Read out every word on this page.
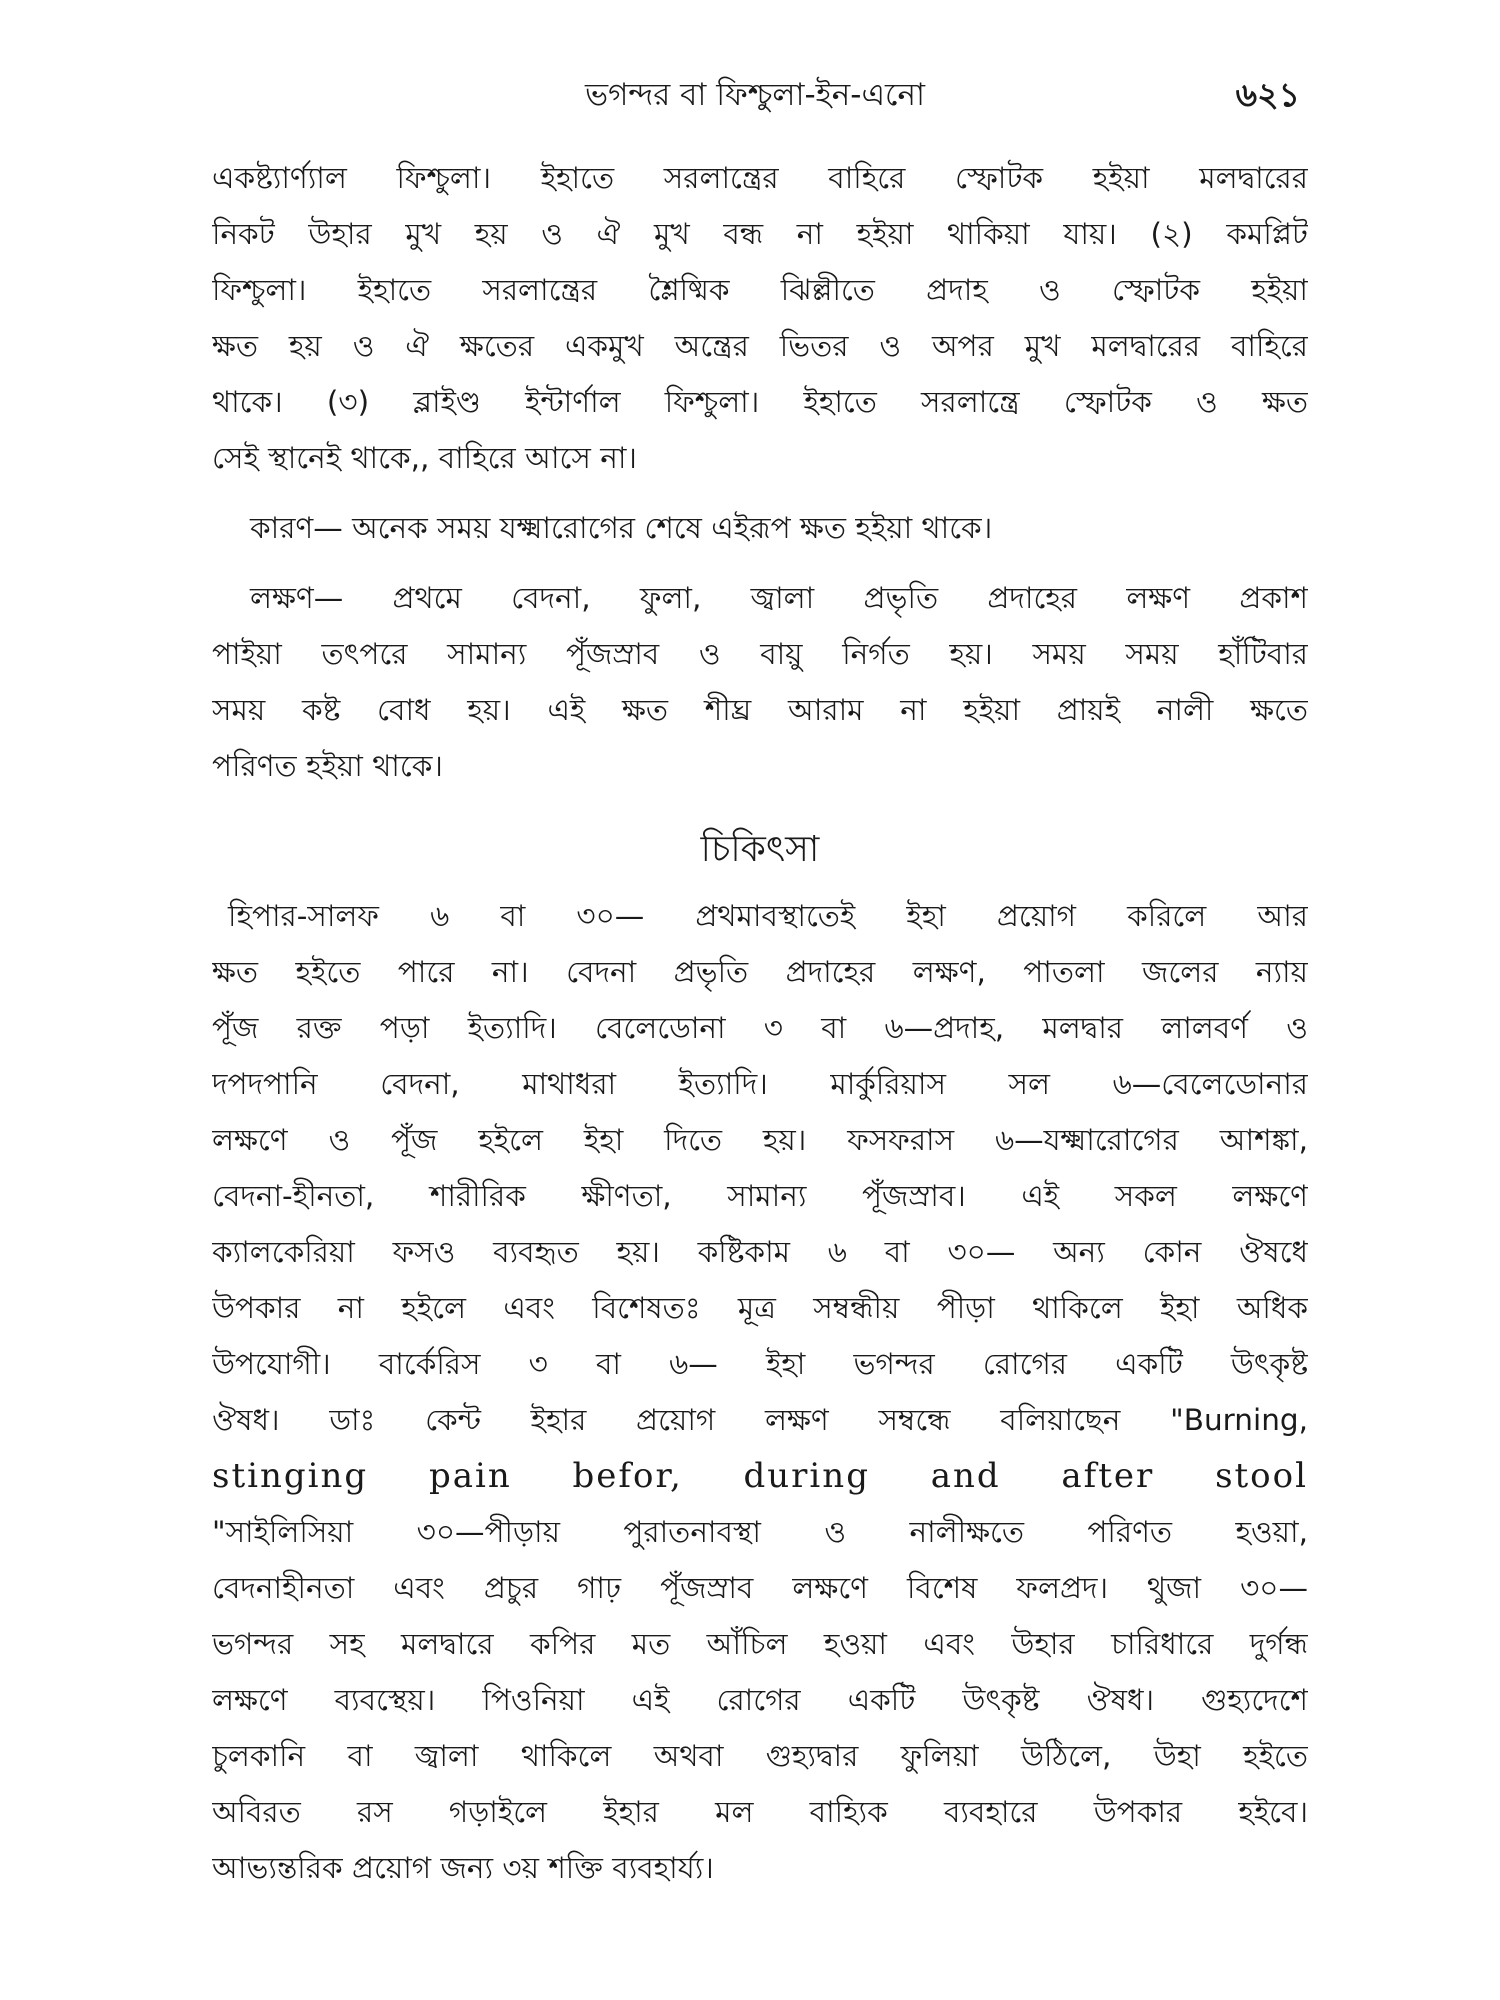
ভগন্দর বা ফিশ্চুলা-ইন-এনো	৬২১
একষ্ট্যার্ণ্যাল ফিশ্চুলা। ইহাতে সরলান্ত্রের বাহিরে স্ফোটক হইয়া মলদ্বারের
নিকট উহার মুখ হয় ও ঐ মুখ বন্ধ না হইয়া থাকিয়া যায়। (২) কমপ্লিট
ফিশ্চুলা। ইহাতে সরলান্ত্রের শ্লৈষ্মিক ঝিল্লীতে প্রদাহ ও স্ফোটক হইয়া
ক্ষত হয় ও ঐ ক্ষতের একমুখ অন্ত্রের ভিতর ও অপর মুখ মলদ্বারের বাহিরে
থাকে। (৩) ব্লাইণ্ড ইন্টার্ণাল ফিশ্চুলা। ইহাতে সরলান্ত্রে স্ফোটক ও ক্ষত
সেই স্থানেই থাকে,, বাহিরে আসে না।
কারণ— অনেক সময় যক্ষ্মারোগের শেষে এইরূপ ক্ষত হইয়া থাকে।
লক্ষণ— প্রথমে বেদনা, ফুলা, জ্বালা প্রভৃতি প্রদাহের লক্ষণ প্রকাশ
পাইয়া তৎপরে সামান্য পূঁজস্রাব ও বায়ু নির্গত হয়। সময় সময় হাঁটিবার
সময় কষ্ট বোধ হয়। এই ক্ষত শীঘ্র আরাম না হইয়া প্রায়ই নালী ক্ষতে
পরিণত হইয়া থাকে।
চিকিৎসা
হিপার-সালফ ৬ বা ৩০— প্রথমাবস্থাতেই ইহা প্রয়োগ করিলে আর
ক্ষত হইতে পারে না। বেদনা প্রভৃতি প্রদাহের লক্ষণ, পাতলা জলের ন্যায়
পূঁজ রক্ত পড়া ইত্যাদি। বেলেডোনা ৩ বা ৬—প্রদাহ, মলদ্বার লালবর্ণ ও
দপদপানি বেদনা, মাথাধরা ইত্যাদি। মার্কুরিয়াস সল ৬—বেলেডোনার
লক্ষণে ও পূঁজ হইলে ইহা দিতে হয়। ফসফরাস ৬—যক্ষ্মারোগের আশঙ্কা,
বেদনা-হীনতা, শারীরিক ক্ষীণতা, সামান্য পূঁজস্রাব। এই সকল লক্ষণে
ক্যালকেরিয়া ফসও ব্যবহৃত হয়। কষ্টিকাম ৬ বা ৩০— অন্য কোন ঔষধে
উপকার না হইলে এবং বিশেষতঃ মূত্র সম্বন্ধীয় পীড়া থাকিলে ইহা অধিক
উপযোগী। বার্কেরিস ৩ বা ৬— ইহা ভগন্দর রোগের একটি উৎকৃষ্ট
ঔষধ। ডাঃ কেন্ট ইহার প্রয়োগ লক্ষণ সম্বন্ধে বলিয়াছেন "Burning,
stinging pain befor, during and after stool
"সাইলিসিয়া ৩০—পীড়ায় পুরাতনাবস্থা ও নালীক্ষতে পরিণত হওয়া,
বেদনাহীনতা এবং প্রচুর গাঢ় পূঁজস্রাব লক্ষণে বিশেষ ফলপ্রদ। থুজা ৩০—
ভগন্দর সহ মলদ্বারে কপির মত আঁচিল হওয়া এবং উহার চারিধারে দুর্গন্ধ
লক্ষণে ব্যবস্থেয়। পিওনিয়া এই রোগের একটি উৎকৃষ্ট ঔষধ। গুহ্যদেশে
চুলকানি বা জ্বালা থাকিলে অথবা গুহ্যদ্বার ফুলিয়া উঠিলে, উহা হইতে
অবিরত রস গড়াইলে ইহার মল বাহ্যিক ব্যবহারে উপকার হইবে।
আভ্যন্তরিক প্রয়োগ জন্য ৩য় শক্তি ব্যবহার্য্য।
